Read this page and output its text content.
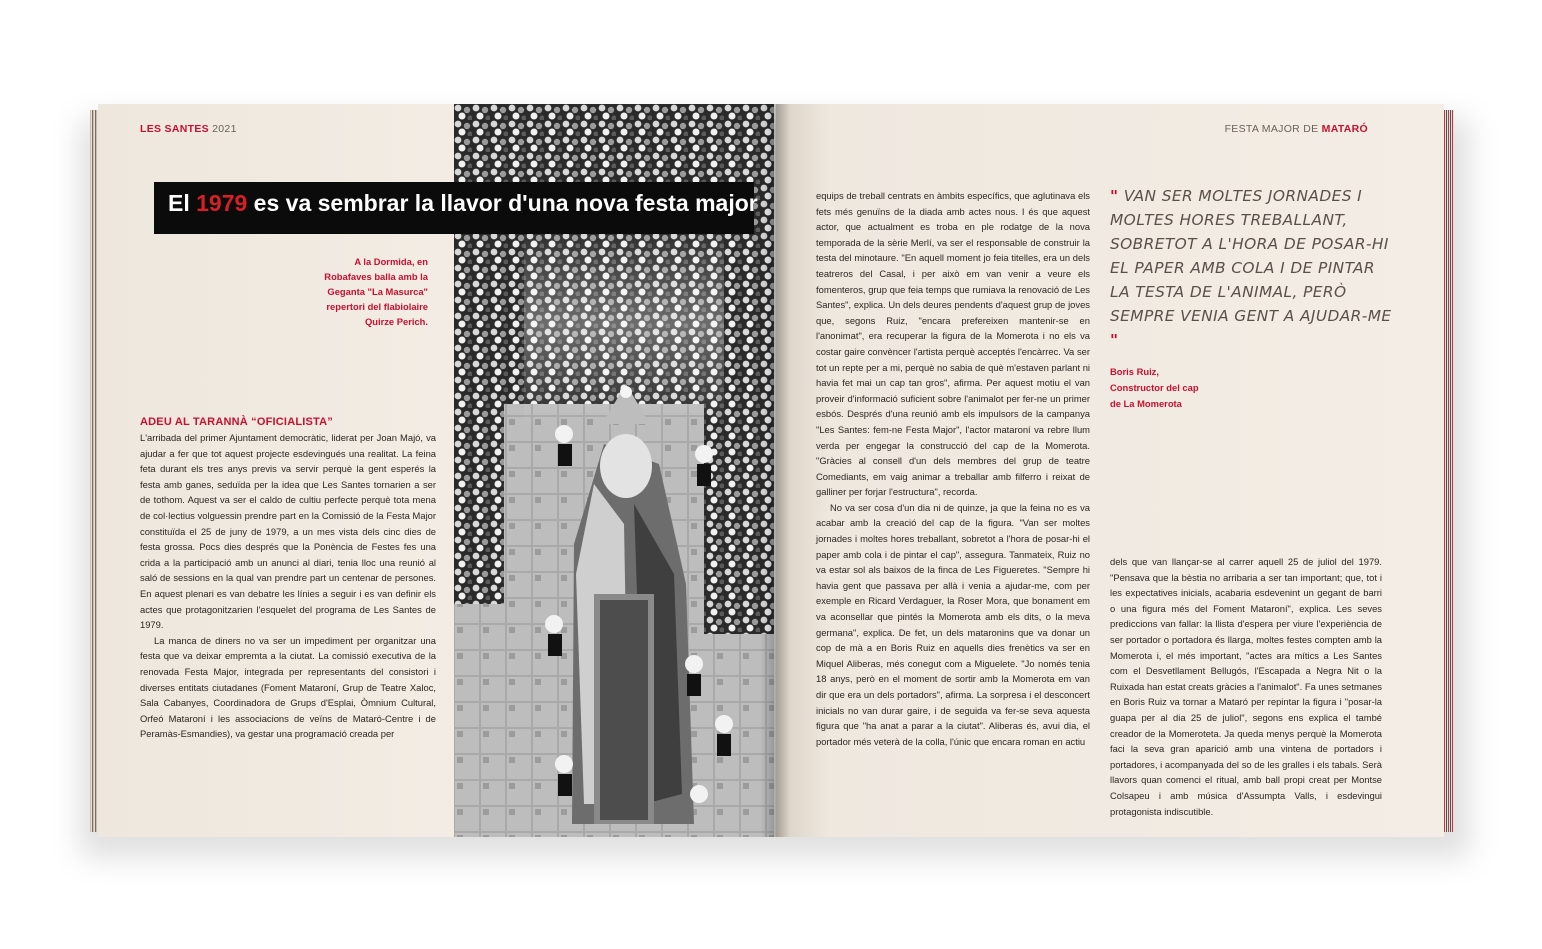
LES SANTES 2021
El 1979 es va sembrar la llavor d'una nova festa major
A la Dormida, en
Robafaves balla amb la
Geganta "La Masurca"
repertori del flabiolaire
Quirze Perich.
ADEU AL TARANNÀ “OFICIALISTA”

L'arribada del primer Ajuntament democràtic, liderat per Joan Majó, va ajudar a fer que tot aquest projecte esdevingués una realitat. La feina feta durant els tres anys previs va servir perquè la gent esperés la festa amb ganes, seduïda per la idea que Les Santes tornarien a ser de tothom. Aquest va ser el caldo de cultiu perfecte perquè tota mena de col·lectius volguessin prendre part en la Comissió de la Festa Major constituïda el 25 de juny de 1979, a un mes vista dels cinc dies de festa grossa. Pocs dies després que la Ponència de Festes fes una crida a la participació amb un anunci al diari, tenia lloc una reunió al saló de sessions en la qual van prendre part un centenar de persones. En aquest plenari es van debatre les línies a seguir i es van definir els actes que protagonitzarien l'esquelet del programa de Les Santes de 1979.

La manca de diners no va ser un impediment per organitzar una festa que va deixar empremta a la ciutat. La comissió executiva de la renovada Festa Major, integrada per representants del consistori i diverses entitats ciutadanes (Foment Mataroní, Grup de Teatre Xaloc, Sala Cabanyes, Coordinadora de Grups d'Esplai, Òmnium Cultural, Orfeó Mataroní i les associacions de veïns de Mataró-Centre i de Peramàs-Esmandies), va gestar una programació creada per

FESTA MAJOR DE MATARÓ

equips de treball centrats en àmbits específics, que aglutinava els fets més genuïns de la diada amb actes nous. I és que aquest actor, que actualment es troba en ple rodatge de la nova temporada de la sèrie Merlí, va ser el responsable de construir la testa del minotaure. "En aquell moment jo feia titelles, era un dels teatreros del Casal, i per això em van venir a veure els fomenteros, grup que feia temps que rumiava la renovació de Les Santes", explica. Un dels deures pendents d'aquest grup de joves que, segons Ruiz, "encara prefereixen mantenir-se en l'anonimat", era recuperar la figura de la Momerota i no els va costar gaire convèncer l'artista perquè acceptés l'encàrrec. Va ser tot un repte per a mi, perquè no sabia de què m'estaven parlant ni havia fet mai un cap tan gros", afirma. Per aquest motiu el van proveir d'informació suficient sobre l'animalot per fer-ne un primer esbós. Després d'una reunió amb els impulsors de la campanya "Les Santes: fem-ne Festa Major", l'actor mataroní va rebre llum verda per engegar la construcció del cap de la Momerota. "Gràcies al consell d'un dels membres del grup de teatre Comediants, em vaig animar a treballar amb filferro i reixat de galliner per forjar l'estructura", recorda.

No va ser cosa d'un dia ni de quinze, ja que la feina no es va acabar amb la creació del cap de la figura. "Van ser moltes jornades i moltes hores treballant, sobretot a l'hora de posar-hi el paper amb cola i de pintar el cap", assegura. Tanmateix, Ruiz no va estar sol als baixos de la finca de Les Figueretes. "Sempre hi havia gent que passava per allà i venia a ajudar-me, com per exemple en Ricard Verdaguer, la Roser Mora, que bonament em va aconsellar que pintés la Momerota amb els dits, o la meva germana", explica. De fet, un dels mataronins que va donar un cop de mà a en Boris Ruiz en aquells dies frenètics va ser en Miquel Aliberas, més conegut com a Miguelete. "Jo només tenia 18 anys, però en el moment de sortir amb la Momerota em van dir que era un dels portadors", afirma. La sorpresa i el desconcert inicials no van durar gaire, i de seguida va fer-se seva aquesta figura que "ha anat a parar a la ciutat". Aliberas és, avui dia, el portador més veterà de la colla, l'únic que encara roman en actiu

" VAN SER MOLTES JORNADES I MOLTES HORES TREBALLANT, SOBRETOT A L'HORA DE POSAR-HI EL PAPER AMB COLA I DE PINTAR LA TESTA DE L'ANIMAL, PERÒ SEMPRE VENIA GENT A AJUDAR-ME "
Boris Ruiz,
Constructor del cap
de La Momerota

dels que van llançar-se al carrer aquell 25 de juliol del 1979. "Pensava que la bèstia no arribaria a ser tan important; que, tot i les expectatives inicials, acabaria esdevenint un gegant de barri o una figura més del Foment Mataroní", explica. Les seves prediccions van fallar: la llista d'espera per viure l'experiència de ser portador o portadora és llarga, moltes festes compten amb la Momerota i, el més important, "actes ara mítics a Les Santes com el Desvetllament Bellugós, l'Escapada a Negra Nit o la Ruixada han estat creats gràcies a l'animalot". Fa unes setmanes en Boris Ruiz va tornar a Mataró per repintar la figura i "posar-la guapa per al dia 25 de juliol", segons ens explica el també creador de la Momeroteta. Ja queda menys perquè la Momerota faci la seva gran aparició amb una vintena de portadors i portadores, i acompanyada del so de les gralles i els tabals. Serà llavors quan comenci el ritual, amb ball propi creat per Montse Colsapeu i amb música d'Assumpta Valls, i esdevingui protagonista indiscutible.
